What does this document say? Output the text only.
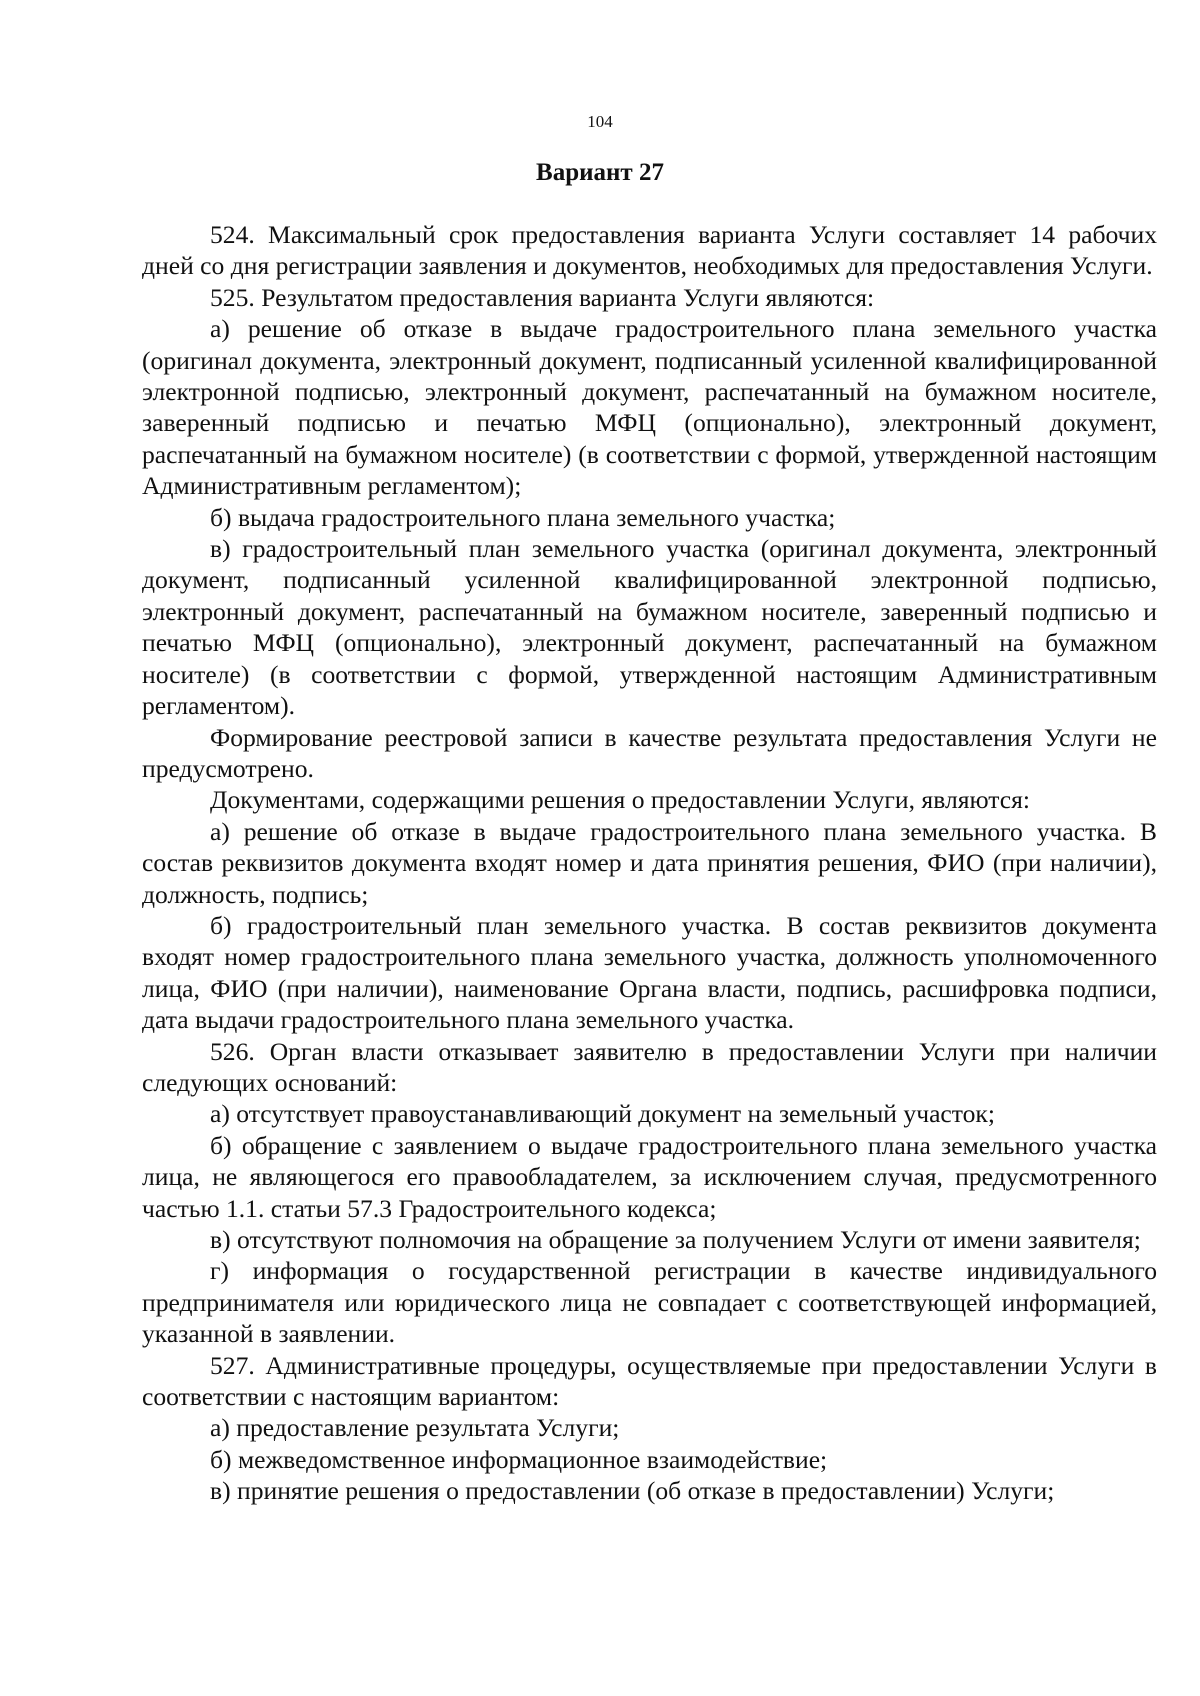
104
Вариант 27

524. Максимальный срок предоставления варианта Услуги составляет 14 рабочих дней со дня регистрации заявления и документов, необходимых для предоставления Услуги.

525. Результатом предоставления варианта Услуги являются:

а) решение об отказе в выдаче градостроительного плана земельного участка (оригинал документа, электронный документ, подписанный усиленной квалифицированной электронной подписью, электронный документ, распечатанный на бумажном носителе, заверенный подписью и печатью МФЦ (опционально), электронный документ, распечатанный на бумажном носителе) (в соответствии с формой, утвержденной настоящим Административным регламентом);

б) выдача градостроительного плана земельного участка;

в) градостроительный план земельного участка (оригинал документа, электронный документ, подписанный усиленной квалифицированной электронной подписью, электронный документ, распечатанный на бумажном носителе, заверенный подписью и печатью МФЦ (опционально), электронный документ, распечатанный на бумажном носителе) (в соответствии с формой, утвержденной настоящим Административным регламентом).

Формирование реестровой записи в качестве результата предоставления Услуги не предусмотрено.

Документами, содержащими решения о предоставлении Услуги, являются:

а) решение об отказе в выдаче градостроительного плана земельного участка. В состав реквизитов документа входят номер и дата принятия решения, ФИО (при наличии), должность, подпись;

б) градостроительный план земельного участка. В состав реквизитов документа входят номер градостроительного плана земельного участка, должность уполномоченного лица, ФИО (при наличии), наименование Органа власти, подпись, расшифровка подписи, дата выдачи градостроительного плана земельного участка.

526. Орган власти отказывает заявителю в предоставлении Услуги при наличии следующих оснований:

а) отсутствует правоустанавливающий документ на земельный участок;

б) обращение с заявлением о выдаче градостроительного плана земельного участка лица, не являющегося его правообладателем, за исключением случая, предусмотренного частью 1.1. статьи 57.3 Градостроительного кодекса;

в) отсутствуют полномочия на обращение за получением Услуги от имени заявителя;

г) информация о государственной регистрации в качестве индивидуального предпринимателя или юридического лица не совпадает с соответствующей информацией, указанной в заявлении.

527. Административные процедуры, осуществляемые при предоставлении Услуги в соответствии с настоящим вариантом:

а) предоставление результата Услуги;

б) межведомственное информационное взаимодействие;

в) принятие решения о предоставлении (об отказе в предоставлении) Услуги;
